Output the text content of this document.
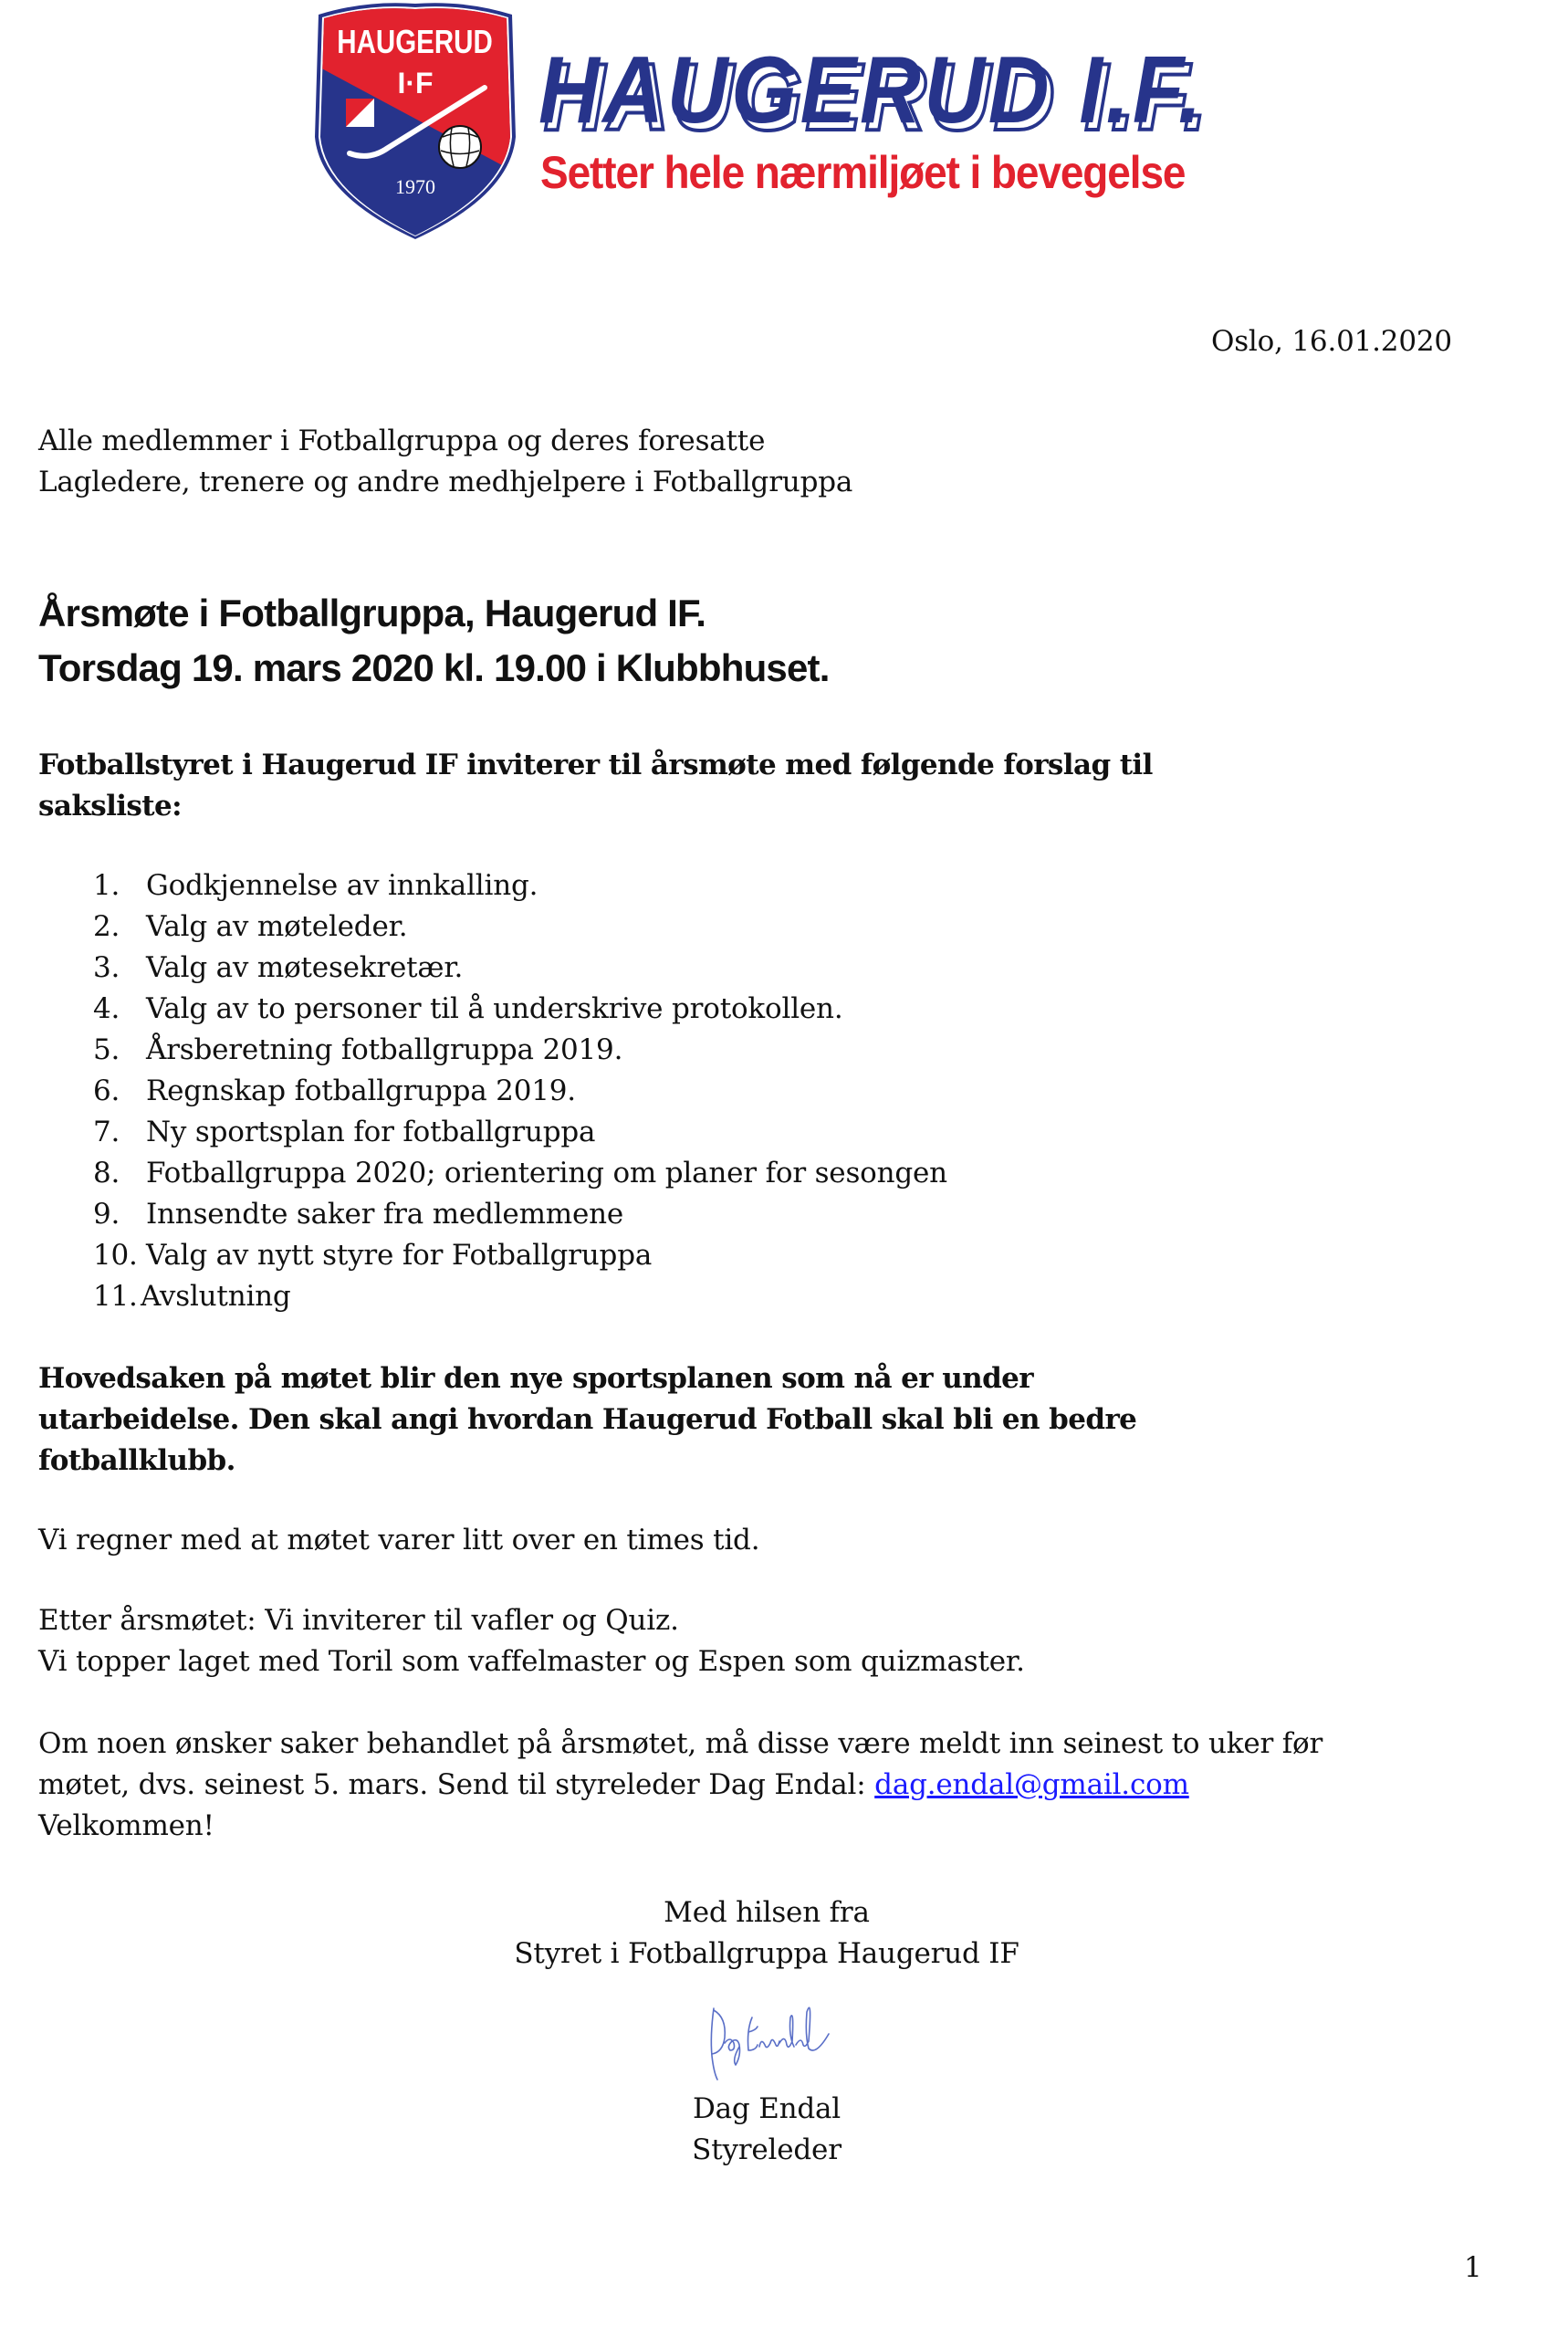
HAUGERUD
I·F
1970
HAUGERUD I.F.
HAUGERUD I.F.
Setter hele nærmiljøet i bevegelse
Oslo, 16.01.2020
Alle medlemmer i Fotballgruppa og deres foresatte
Lagledere, trenere og andre medhjelpere i Fotballgruppa
Årsmøte i Fotballgruppa, Haugerud IF.
Torsdag 19. mars 2020 kl. 19.00 i Klubbhuset.
Fotballstyret i Haugerud IF inviterer til årsmøte med følgende forslag til
saksliste:
1. Godkjennelse av innkalling.
2. Valg av møteleder.
3. Valg av møtesekretær.
4. Valg av to personer til å underskrive protokollen.
5. Årsberetning fotballgruppa 2019.
6. Regnskap fotballgruppa 2019.
7. Ny sportsplan for fotballgruppa
8. Fotballgruppa 2020; orientering om planer for sesongen
9. Innsendte saker fra medlemmene
10. Valg av nytt styre for Fotballgruppa
11. Avslutning
Hovedsaken på møtet blir den nye sportsplanen som nå er under
utarbeidelse. Den skal angi hvordan Haugerud Fotball skal bli en bedre
fotballklubb.
Vi regner med at møtet varer litt over en times tid.
Etter årsmøtet: Vi inviterer til vafler og Quiz.
Vi topper laget med Toril som vaffelmaster og Espen som quizmaster.
Om noen ønsker saker behandlet på årsmøtet, må disse være meldt inn seinest to uker før
møtet, dvs. seinest 5. mars. Send til styreleder Dag Endal: dag.endal@gmail.com
Velkommen!
Med hilsen fra
Styret i Fotballgruppa Haugerud IF
Dag Endal
Styreleder
1
